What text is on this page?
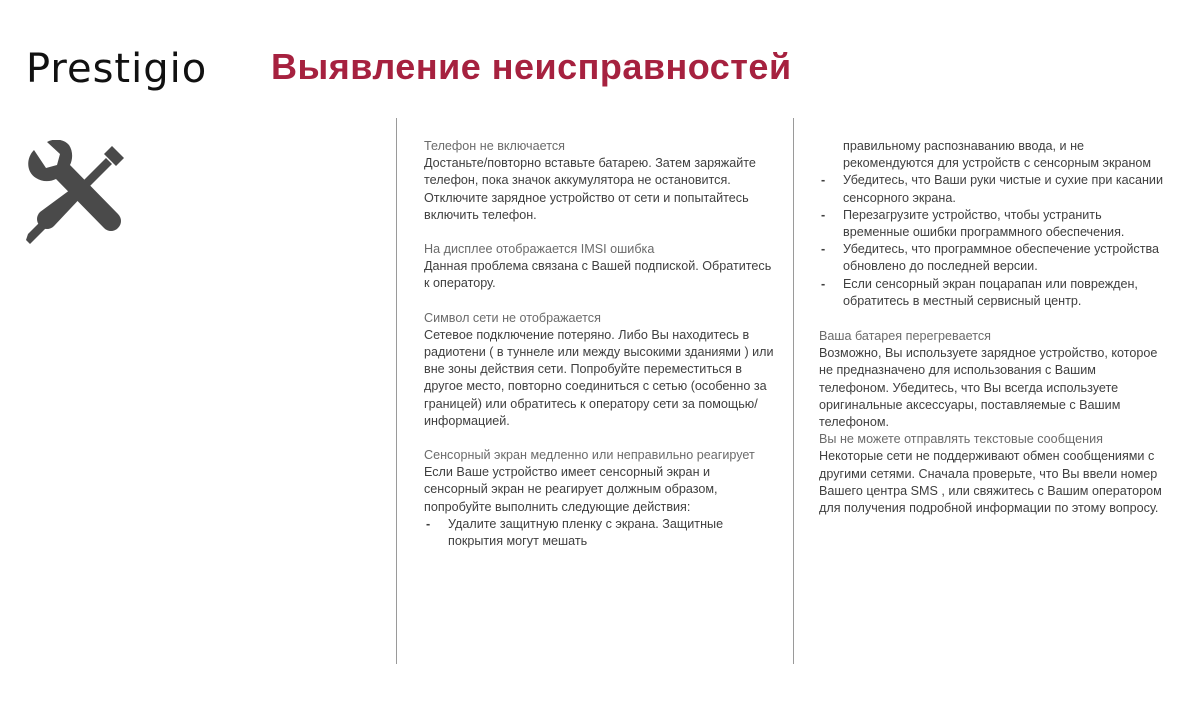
Prestigio Выявление неисправностей
Телефон не включается
Достаньте/повторно вставьте батарею. Затем заряжайте телефон, пока значок аккумулятора не остановится. Отключите зарядное устройство от сети и попытайтесь включить телефон.
На дисплее отображается IMSI ошибка
Данная проблема связана с Вашей подпиской. Обратитесь к оператору.
Символ сети не отображается
Сетевое подключение потеряно. Либо Вы находитесь в радиотени ( в туннеле или между высокими зданиями ) или вне зоны действия сети. Попробуйте переместиться в другое место, повторно соединиться с сетью (особенно за границей) или обратитесь к оператору сети за помощью/информацией.
Сенсорный экран медленно или неправильно реагирует
Если Ваше устройство имеет сенсорный экран и сенсорный экран не реагирует должным образом, попробуйте выполнить следующие действия:
- Удалите защитную пленку с экрана. Защитные покрытия могут мешать
правильному распознаванию ввода, и не рекомендуются для устройств с сенсорным экраном
- Убедитесь, что Ваши руки чистые и сухие при касании сенсорного экрана.
- Перезагрузите устройство, чтобы устранить временные ошибки программного обеспечения.
- Убедитесь, что программное обеспечение устройства обновлено до последней версии.
- Если сенсорный экран поцарапан или поврежден, обратитесь в местный сервисный центр.
Ваша батарея перегревается
Возможно, Вы используете зарядное устройство, которое не предназначено для использования с Вашим телефоном. Убедитесь, что Вы всегда используете оригинальные аксессуары, поставляемые с Вашим телефоном.
Вы не можете отправлять текстовые сообщения
Некоторые сети не поддерживают обмен сообщениями с другими сетями. Сначала проверьте, что Вы ввели номер Вашего центра SMS , или свяжитесь с Вашим оператором для получения подробной информации по этому вопросу.
